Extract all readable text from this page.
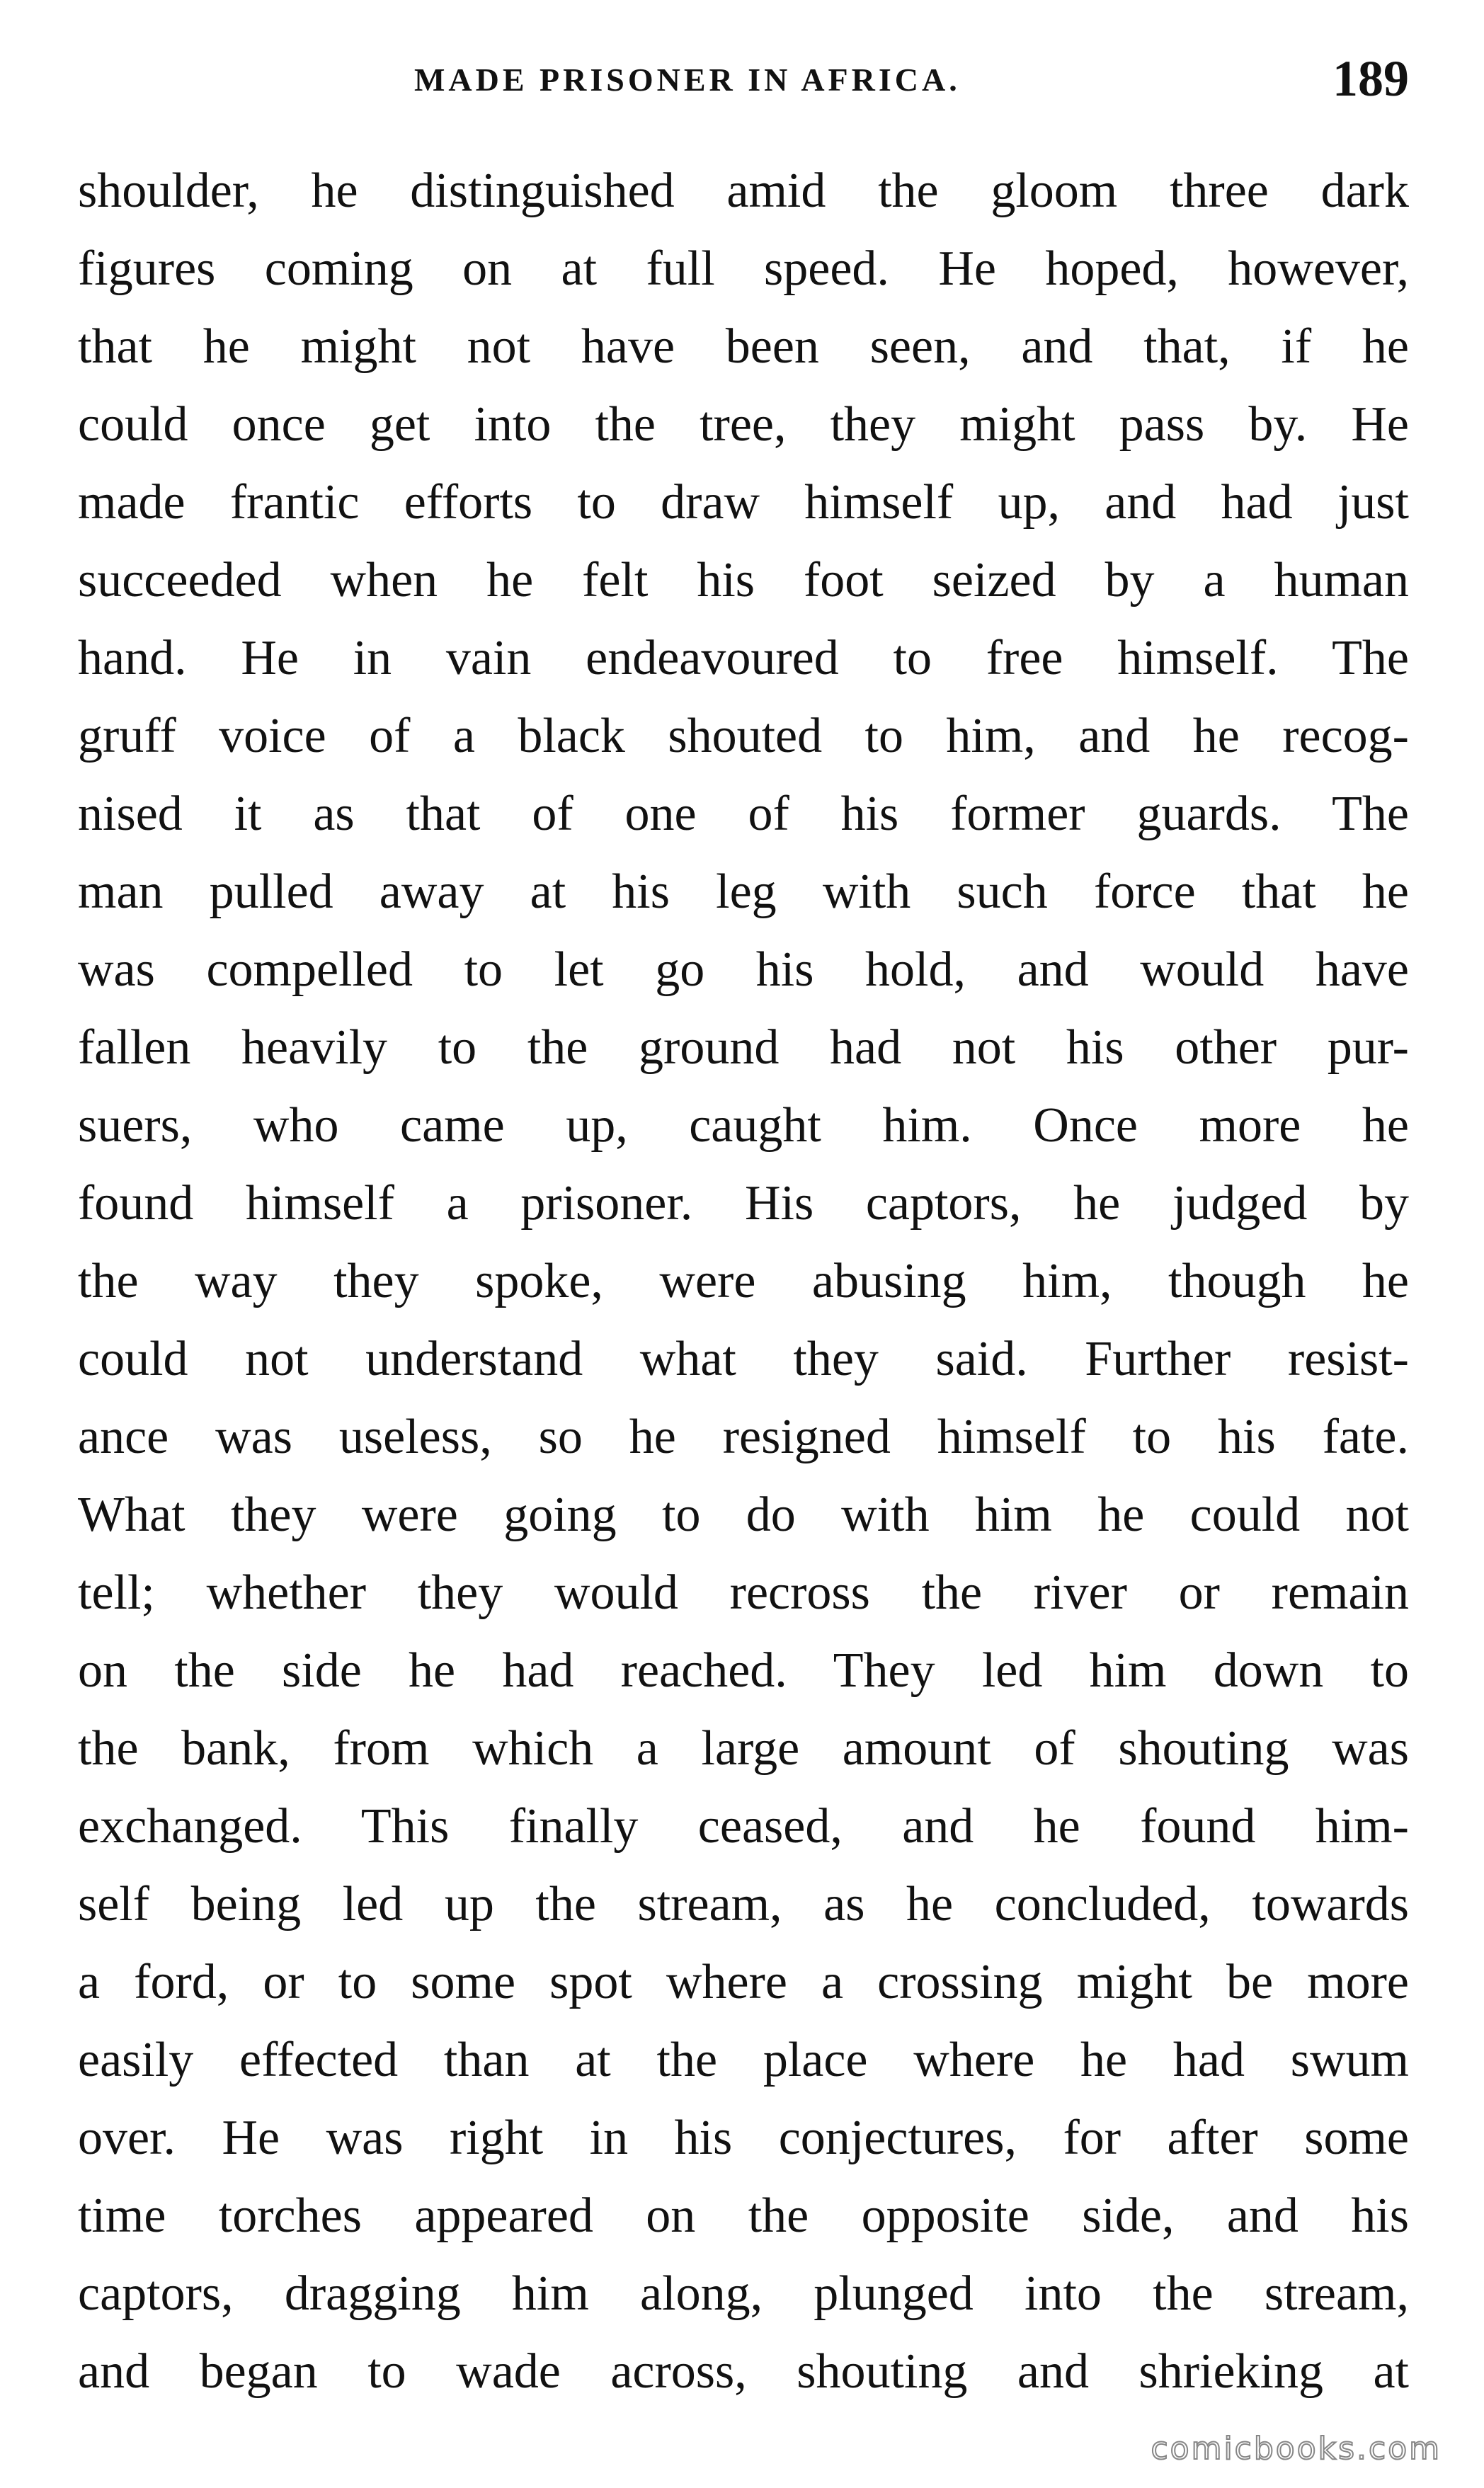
MADE PRISONER IN AFRICA.	189
shoulder, he distinguished amid the gloom three dark
figures coming on at full speed. He hoped, however,
that he might not have been seen, and that, if he
could once get into the tree, they might pass by. He
made frantic efforts to draw himself up, and had just
succeeded when he felt his foot seized by a human
hand. He in vain endeavoured to free himself. The
gruff voice of a black shouted to him, and he recog-
nised it as that of one of his former guards. The
man pulled away at his leg with such force that he
was compelled to let go his hold, and would have
fallen heavily to the ground had not his other pur-
suers, who came up, caught him. Once more he
found himself a prisoner. His captors, he judged by
the way they spoke, were abusing him, though he
could not understand what they said. Further resist-
ance was useless, so he resigned himself to his fate.
What they were going to do with him he could not
tell; whether they would recross the river or remain
on the side he had reached. They led him down to
the bank, from which a large amount of shouting was
exchanged. This finally ceased, and he found him-
self being led up the stream, as he concluded, towards
a ford, or to some spot where a crossing might be more
easily effected than at the place where he had swum
over. He was right in his conjectures, for after some
time torches appeared on the opposite side, and his
captors, dragging him along, plunged into the stream,
and began to wade across, shouting and shrieking at
comicbooks.com
